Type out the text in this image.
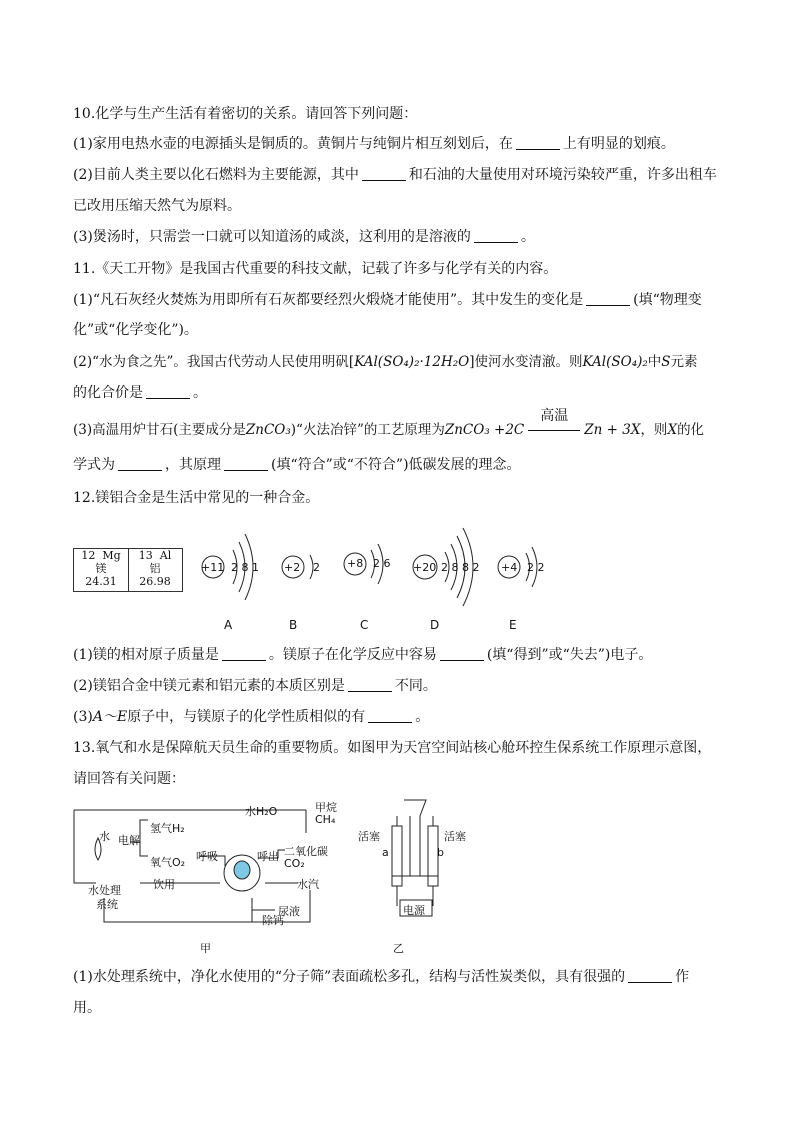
10.化学与生产生活有着密切的关系。请回答下列问题：
(1)家用电热水壶的电源插头是铜质的。黄铜片与纯铜片相互刻划后，在	上有明显的划痕。
(2)目前人类主要以化石燃料为主要能源，其中	和石油的大量使用对环境污染较严重，许多出租车
已改用压缩天然气为原料。
(3)煲汤时，只需尝一口就可以知道汤的咸淡，这利用的是溶液的	。
11.《天工开物》是我国古代重要的科技文献，记载了许多与化学有关的内容。
(1)“凡石灰经火焚炼为用即所有石灰都要经烈火煅烧才能使用”。其中发生的变化是	(填“物理变
化”或“化学变化”)。
(2)“水为食之先”。我国古代劳动人民使用明矾[KAl(SO₄)₂·12H₂O]使河水变清澈。则KAl(SO₄)₂中S元素
的化合价是	。
(3)高温用炉甘石(主要成分是ZnCO₃)“火法冶锌”的工艺原理为ZnCO₃ +2C
高温
Zn + 3X，则X的化
学式为	，其原理	(填“符合”或“不符合”)低碳发展的理念。
12.镁铝合金是生活中常见的一种合金。
12 Mg
镁
24.31
13 Al
铝
26.98
+11 2 8 1 +2 2 +8 2 6 +20 2 8 8 2 +4 2 2
A	B	C	D	E
(1)镁的相对原子质量是	。镁原子在化学反应中容易	(填“得到”或“失去”)电子。
(2)镁铝合金中镁元素和铝元素的本质区别是	不同。
(3)A～E原子中，与镁原子的化学性质相似的有	。
13.氧气和水是保障航天员生命的重要物质。如图甲为天宫空间站核心舱环控生保系统工作原理示意图，
请回答有关问题：
水H₂O	甲烷
CH₄
水 电解
氢气H₂
氧气O₂ 呼吸	呼出 二氧化碳
CO₂
饮用	水汽
水处理
系统
尿液
除钙
甲
活塞	活塞
a	b
电源
乙
(1)水处理系统中，净化水使用的“分子筛”表面疏松多孔，结构与活性炭类似，具有很强的	作
用。
